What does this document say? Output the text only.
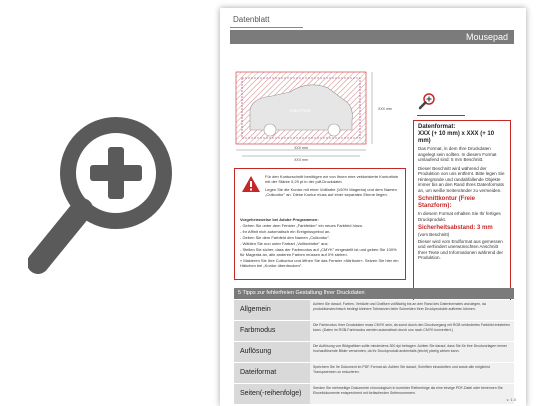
Datenblatt
Mousepad
Auto-Form
XXX mm
XXX mm
XXX mm
Datenformat:
XXX (+ 10 mm) x XXX (+ 10 mm)

Das Format, in dem Ihre Druckdaten angelegt sein sollten. In diesem Format umlaufend sind: 5 mm Beschnitt.

Dieser Beschnitt wird während der Produktion von uns entfernt. Bitte legen Sie Hintergründe und randabfallende Objekte immer bis an den Rand Ihres Datenformats an, um weiße Seitenränder zu vermeiden.

Schnittkontur (Freie Stanzform):

In diesem Format erhalten Sie Ihr fertiges Druckprodukt.

Sicherheitsabstand: 3 mm

(vom Beschnitt)

Dieser wird vom Endformat aus gemessen und verhindert unerwünschten Anschnitt Ihrer Texte und Informationen während der Produktion.

Für den Konturschnitt benötigen wir von Ihnen eine vektorisierte Konturlinie mit der Stärke 0,25 pt in der pdf-Druckdatei.

Legen Sie die Kontur mit einer Vollfarbe (100% Magenta) und dem Namen „Cutkontur" an. Diese Kontur muss auf einer separaten Ebene liegen.

Vorgehensweise bei Adobe Programmen:

- Gehen Sie unter dem Fenster „Farbfelder" ein neues Farbfeld hinzu.

- Ihr Affinit nich automatisch ein Ereignissymbol an.

- Geben Sie dem Farbfeld den Namen „Cutkontur".

- Wählen Sie nun unter Farbart „Volltonfarbe" aus.

- Stellen Sie sicher, dass der Farbmodus auf „CMYK" eingestellt ist und geben Sie 100% für Magenta an, alle anderen Farben müssen auf 0% stehen.

» Makieren Sie Ihre Cutkontur und öffnen Sie das Fenster »Attribute«. Setzen Sie hier ein Häkchen bei „Kontur überdrucken".

5 Tipps zur fehlerfreien Gestaltung Ihrer Druckdaten
Allgemein
Achten Sie darauf, Farben, Verläufe und Grafiken vollflächig bis an den Rand des Datenformates anzulegen, da produktionstechnisch bedingt kleinere Toleranzen beim Schneiden Ihrer Druckprodukte auftreten können.
Farbmodus
Die Farbmodus Ihrer Druckdaten muss CMYK sein, da sonst durch den Druckvorgang mit RGB verändertes Farbbild entstehen kann. (Daten im RGB-Farbmodus werden automatisch durch uns nach CMYK konvertiert.)
Auflösung
Die Auflösung von Bildgrafiken sollte mindestens 300 dpi betragen. Achten Sie darauf, dass Sie für Ihre Druckvorlagen immer hochauflösende Bilder verwenden, da Ihr Druckprodukt andernfalls (leicht) pixelig wirken kann.
Dateiformat
Speichern Sie Ihr Dokument im PDF-Format ab. Achten Sie darauf, Schriften einzubetten und sowie alle möglichst Transparenzen zu reduzieren.
Seiten(-reihenfolge)
Senden Sie mehrseitige Dokumente chronologisch in korrekter Reihenfolge als eine einzige PDF-Datei oder benennen Sie Einzeldokumente entsprechend mit fortlaufenden Seitennummern.
v. 1.0
